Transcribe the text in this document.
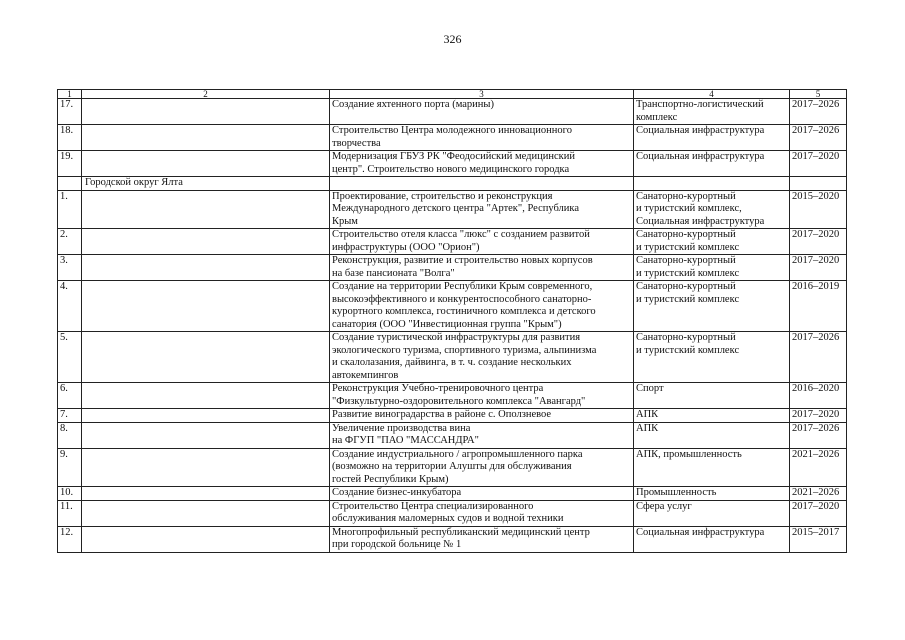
326
1	2	3	4	5

17.		Создание яхтенного порта (марины)	Транспортно-логистический
комплекс	2017–2026

18.		Строительство Центра молодежного инновационного
творчества	Социальная инфраструктура	2017–2026

19.		Модернизация ГБУЗ РК "Феодосийский медицинский
центр". Строительство нового медицинского городка	Социальная инфраструктура	2017–2020

	Городской округ Ялта			

1.		Проектирование, строительство и реконструкция
Международного детского центра "Артек", Республика
Крым	Санаторно-курортный
и туристский комплекс,
Социальная инфраструктура	2015–2020

2.		Строительство отеля класса "люкс" с созданием развитой
инфраструктуры (ООО "Орион")	Санаторно-курортный
и туристский комплекс	2017–2020

3.		Реконструкция, развитие и строительство новых корпусов
на базе пансионата "Волга"	Санаторно-курортный
и туристский комплекс	2017–2020

4.		Создание на территории Республики Крым современного,
высокоэффективного и конкурентоспособного санаторно-
курортного комплекса, гостиничного комплекса и детского
санатория (ООО "Инвестиционная группа "Крым")	Санаторно-курортный
и туристский комплекс	2016–2019

5.		Создание туристической инфраструктуры для развития
экологического туризма, спортивного туризма, альпинизма
и скалолазания, дайвинга, в т. ч. создание нескольких
автокемпингов	Санаторно-курортный
и туристский комплекс	2017–2026

6.		Реконструкция Учебно-тренировочного центра
"Физкультурно-оздоровительного комплекса "Авангард"	Спорт	2016–2020

7.		Развитие виноградарства в районе с. Оползневое	АПК	2017–2020

8.		Увеличение производства вина
на ФГУП "ПАО "МАССАНДРА"	АПК	2017–2026

9.		Создание индустриального / агропромышленного парка
(возможно на территории Алушты для обслуживания
гостей Республики Крым)	АПК, промышленность	2021–2026

10.		Создание бизнес-инкубатора	Промышленность	2021–2026

11.		Строительство Центра специализированного
обслуживания маломерных судов и водной техники	Сфера услуг	2017–2020

12.		Многопрофильный республиканский медицинский центр
при городской больнице № 1	Социальная инфраструктура	2015–2017
